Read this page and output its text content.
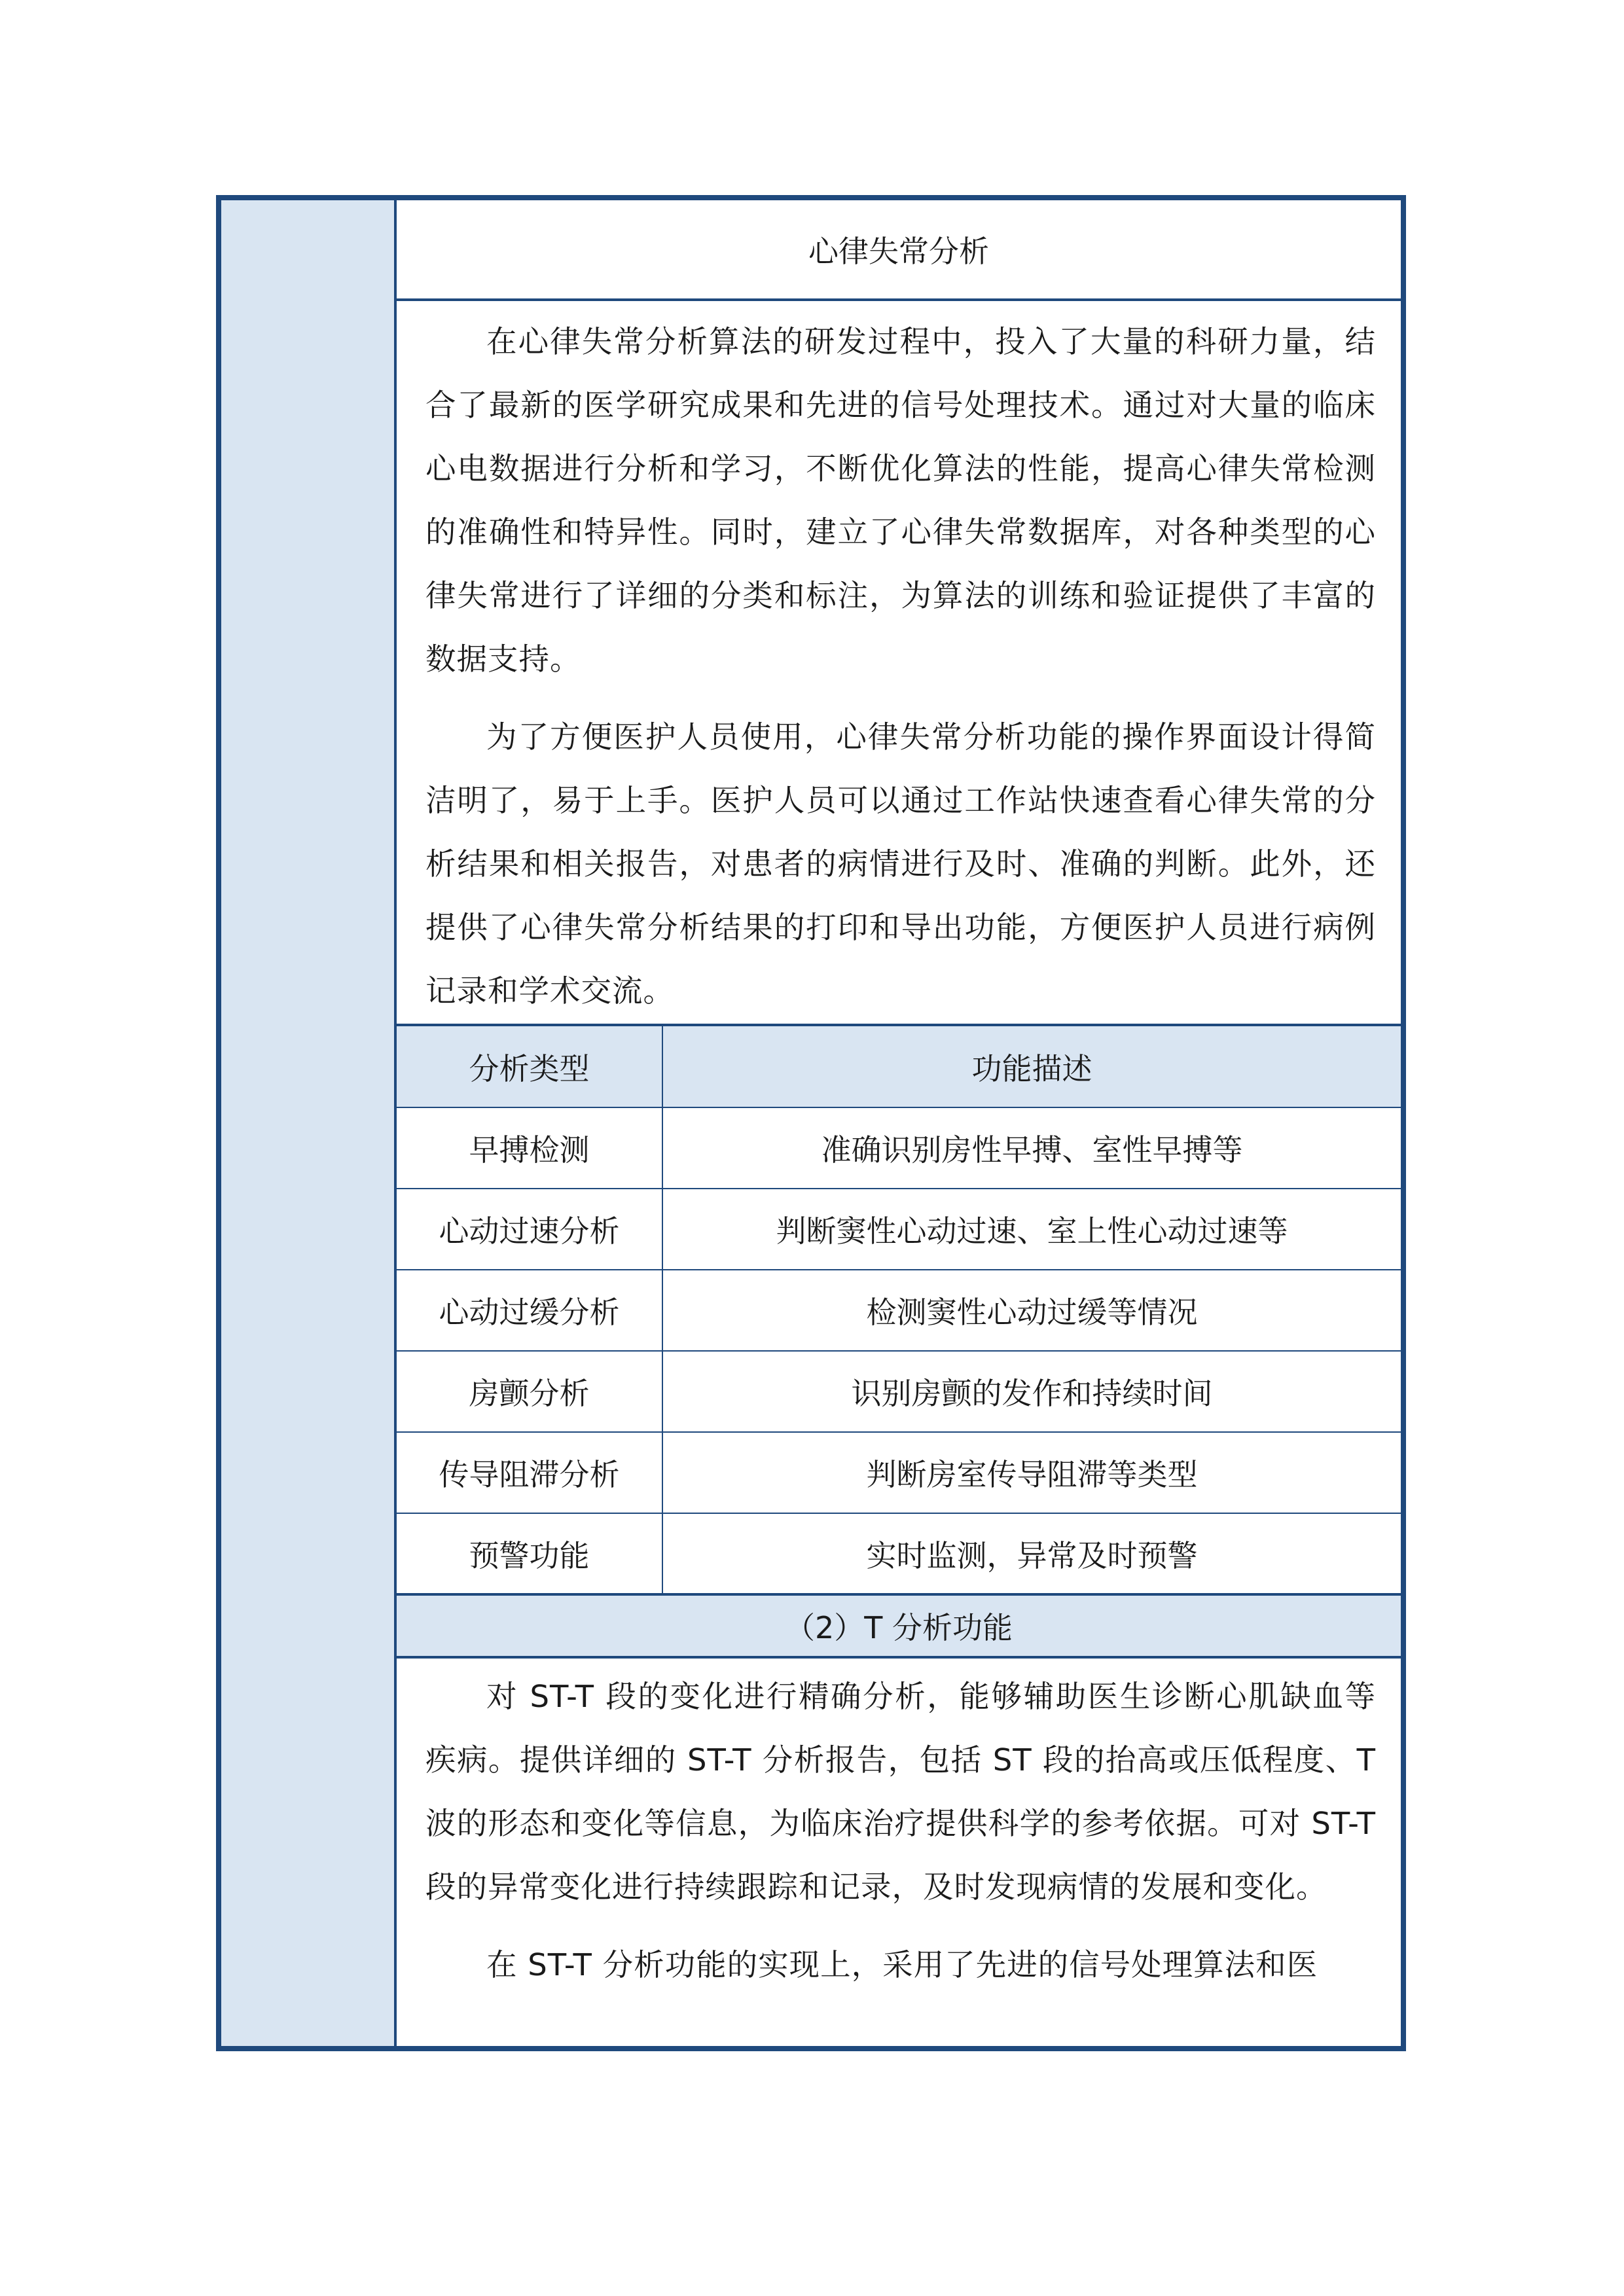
心律失常分析

在心律失常分析算法的研发过程中，投入了大量的科研力量，结合了最新的医学研究成果和先进的信号处理技术。通过对大量的临床心电数据进行分析和学习，不断优化算法的性能，提高心律失常检测的准确性和特异性。同时，建立了心律失常数据库，对各种类型的心律失常进行了详细的分类和标注，为算法的训练和验证提供了丰富的数据支持。

为了方便医护人员使用，心律失常分析功能的操作界面设计得简洁明了，易于上手。医护人员可以通过工作站快速查看心律失常的分析结果和相关报告，对患者的病情进行及时、准确的判断。此外，还提供了心律失常分析结果的打印和导出功能，方便医护人员进行病例记录和学术交流。

分析类型	功能描述
早搏检测	准确识别房性早搏、室性早搏等
心动过速分析	判断窦性心动过速、室上性心动过速等
心动过缓分析	检测窦性心动过缓等情况
房颤分析	识别房颤的发作和持续时间
传导阻滞分析	判断房室传导阻滞等类型
预警功能	实时监测，异常及时预警
（2）T 分析功能

对 ST-T 段的变化进行精确分析，能够辅助医生诊断心肌缺血等疾病。提供详细的 ST-T 分析报告，包括 ST 段的抬高或压低程度、T 波的形态和变化等信息，为临床治疗提供科学的参考依据。可对 ST-T 段的异常变化进行持续跟踪和记录，及时发现病情的发展和变化。

在 ST-T 分析功能的实现上，采用了先进的信号处理算法和医
